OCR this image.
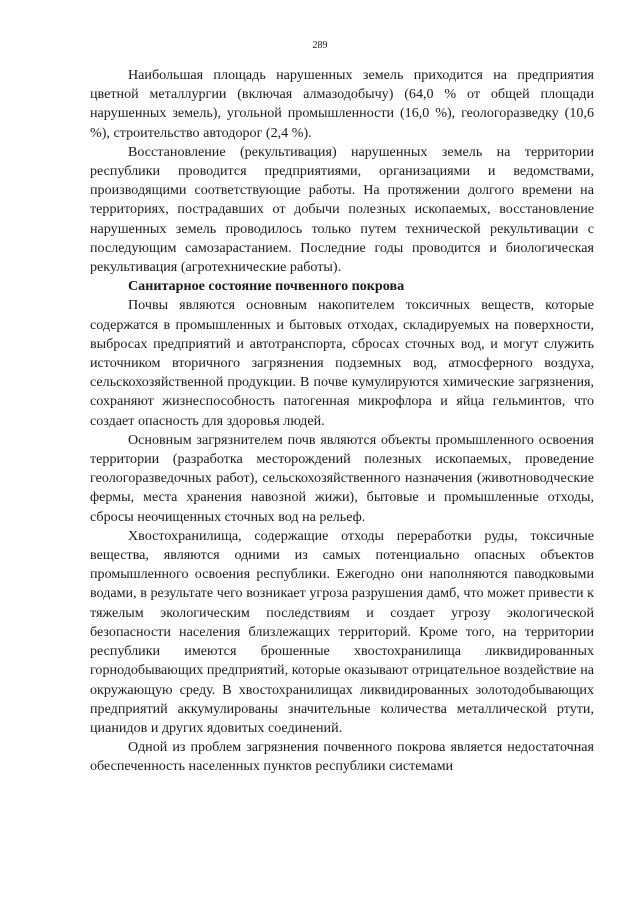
289

Наибольшая площадь нарушенных земель приходится на предприятия цветной металлургии (включая алмазодобычу) (64,0 % от общей площади нарушенных земель), угольной промышленности (16,0 %), геологоразведку (10,6 %), строительство автодорог (2,4 %).

Восстановление (рекультивация) нарушенных земель на территории республики проводится предприятиями, организациями и ведомствами, производящими соответствующие работы. На протяжении долгого времени на территориях, пострадавших от добычи полезных ископаемых, восстановление нарушенных земель проводилось только путем технической рекультивации с последующим самозарастанием. Последние годы проводится и биологическая рекультивация (агротехнические работы).

Санитарное состояние почвенного покрова

Почвы являются основным накопителем токсичных веществ, которые содержатся в промышленных и бытовых отходах, складируемых на поверхности, выбросах предприятий и автотранспорта, сбросах сточных вод, и могут служить источником вторичного загрязнения подземных вод, атмосферного воздуха, сельскохозяйственной продукции. В почве кумулируются химические загрязнения, сохраняют жизнеспособность патогенная микрофлора и яйца гельминтов, что создает опасность для здоровья людей.

Основным загрязнителем почв являются объекты промышленного освоения территории (разработка месторождений полезных ископаемых, проведение геологоразведочных работ), сельскохозяйственного назначения (животноводческие фермы, места хранения навозной жижи), бытовые и промышленные отходы, сбросы неочищенных сточных вод на рельеф.

Хвостохранилища, содержащие отходы переработки руды, токсичные вещества, являются одними из самых потенциально опасных объектов промышленного освоения республики. Ежегодно они наполняются паводковыми водами, в результате чего возникает угроза разрушения дамб, что может привести к тяжелым экологическим последствиям и создает угрозу экологической безопасности населения близлежащих территорий. Кроме того, на территории республики имеются брошенные хвостохранилища ликвидированных горнодобывающих предприятий, которые оказывают отрицательное воздействие на окружающую среду. В хвостохранилищах ликвидированных золотодобывающих предприятий аккумулированы значительные количества металлической ртути, цианидов и других ядовитых соединений.

Одной из проблем загрязнения почвенного покрова является недостаточная обеспеченность населенных пунктов республики системами
